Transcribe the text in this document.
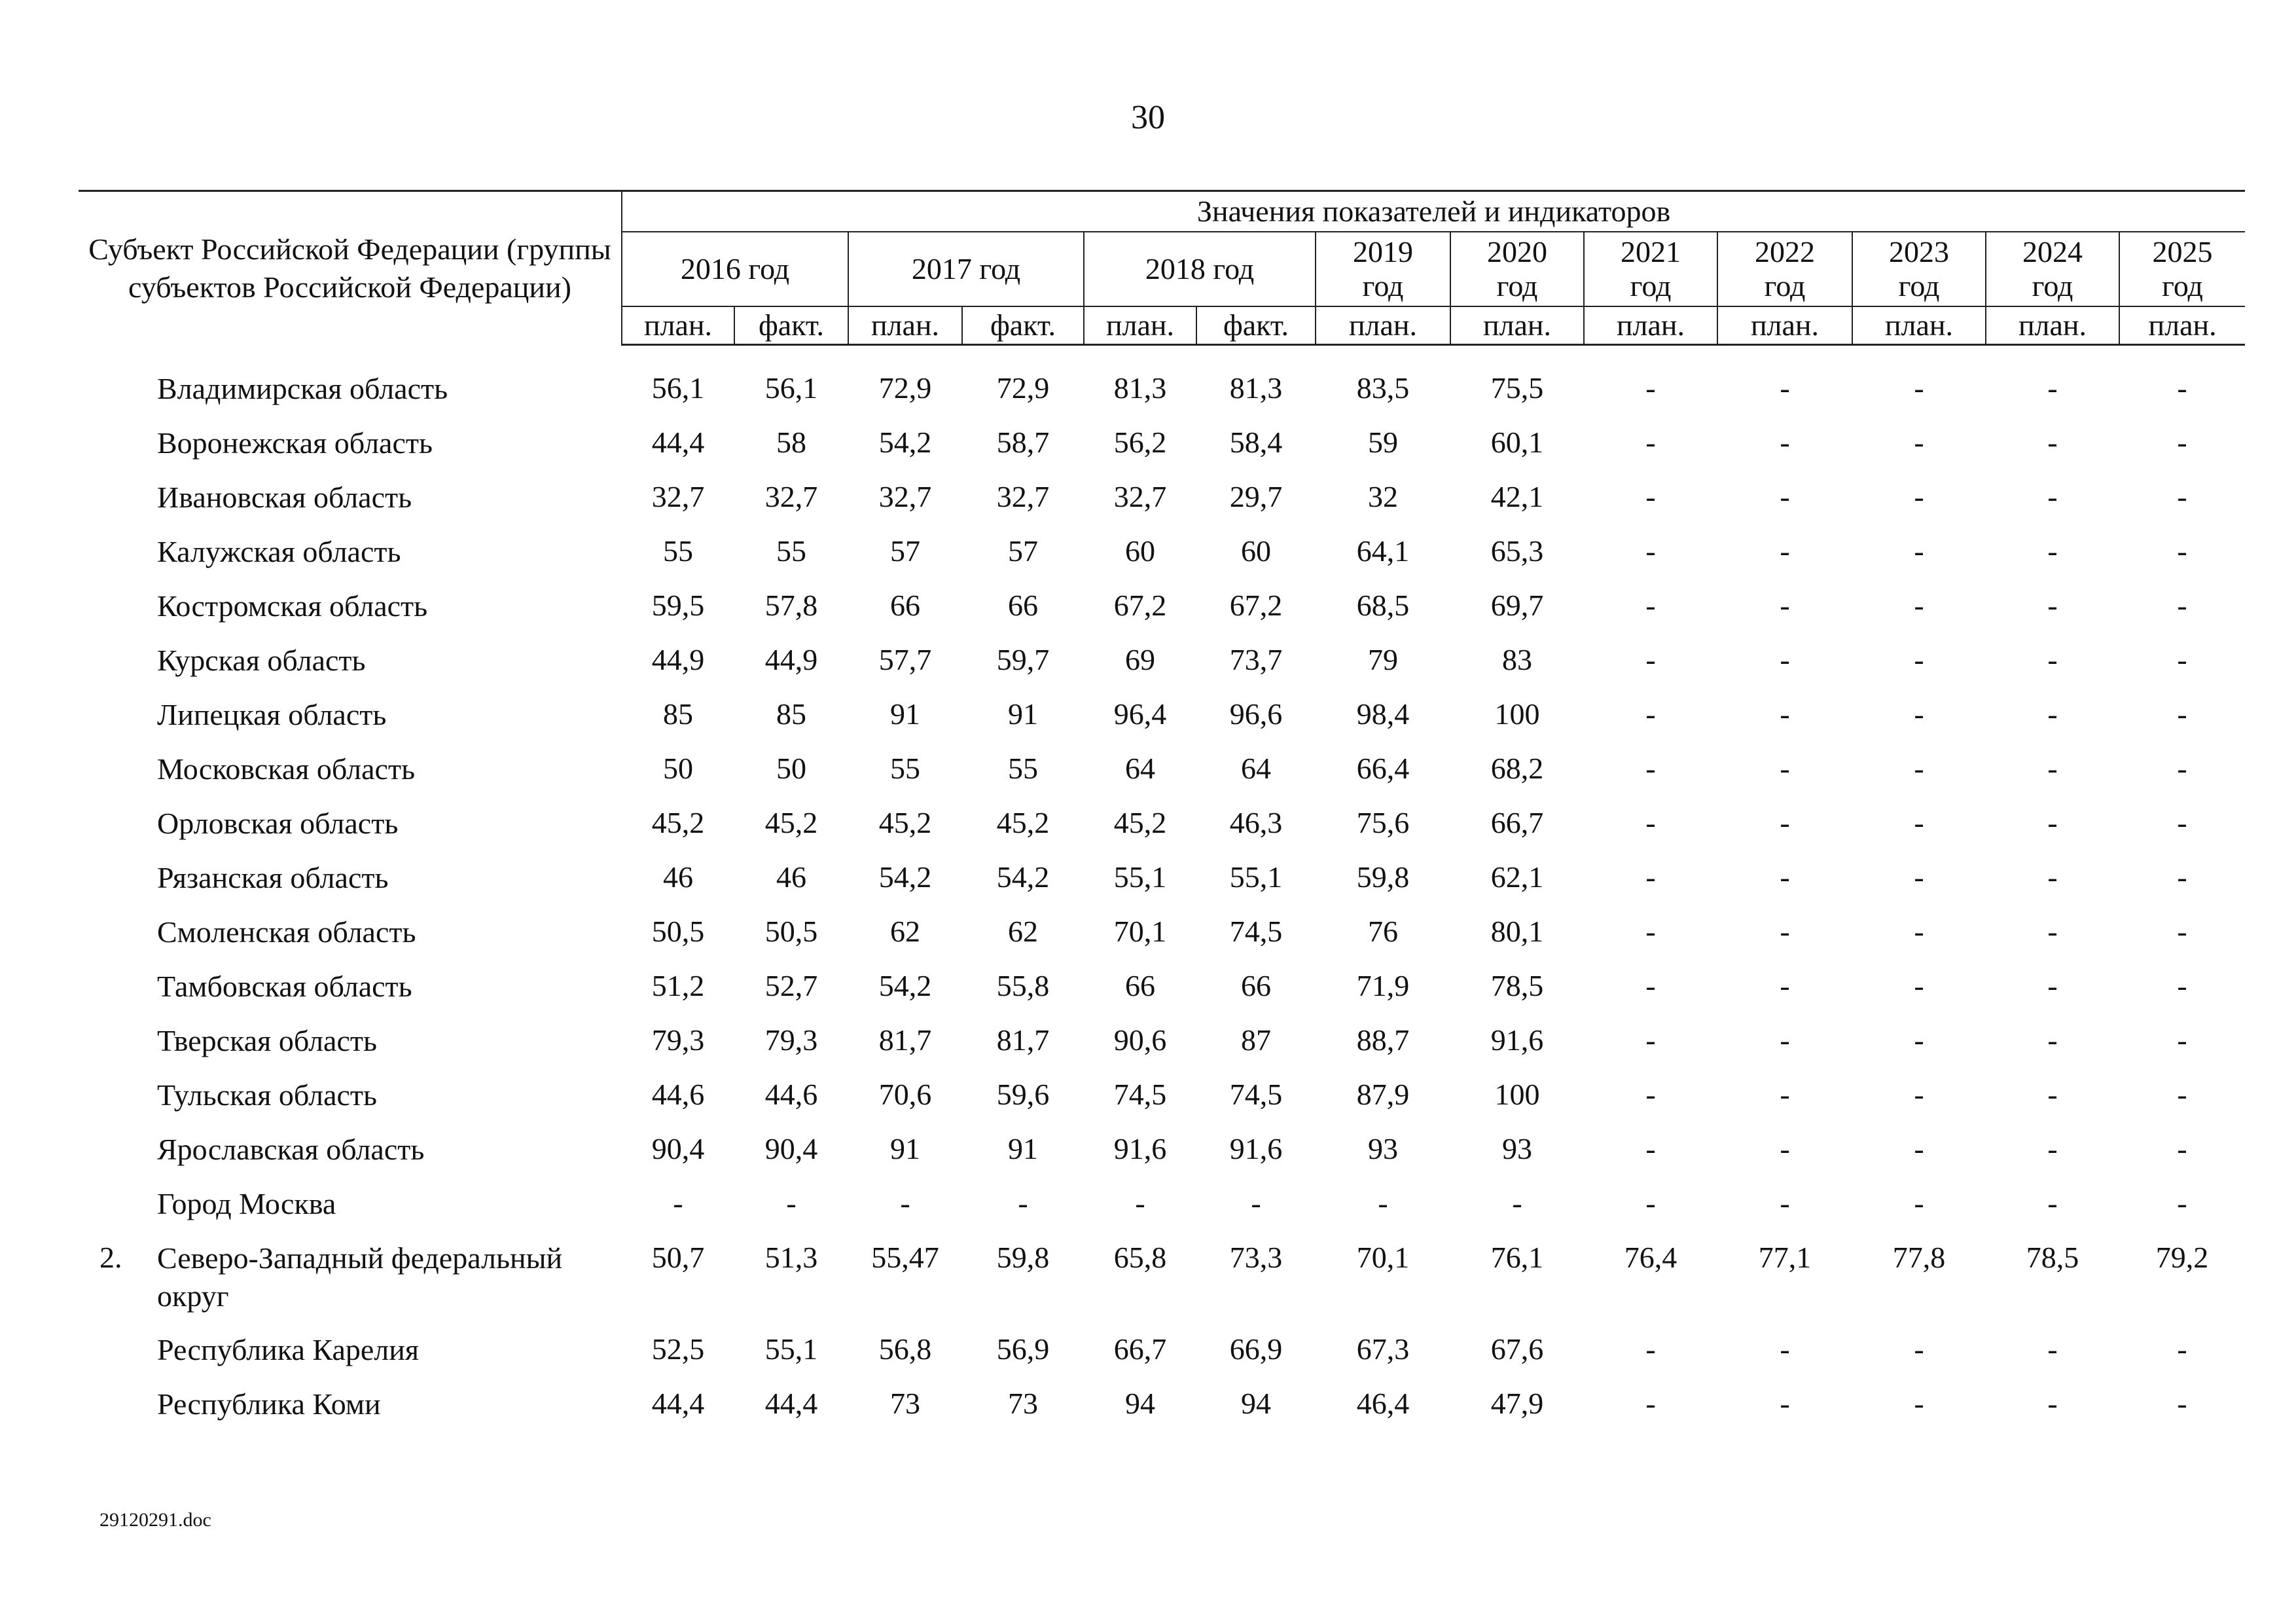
30
Субъект Российской Федерации (группы субъектов Российской Федерации)	Значения показателей и индикаторов												
	2016 год		2017 год		2018 год		2019 год	2020 год	2021 год	2022 год	2023 год	2024 год	2025 год
	план.	факт.	план.	факт.	план.	факт.	план.	план.	план.	план.	план.	план.	план.

Владимирская область	56,1	56,1	72,9	72,9	81,3	81,3	83,5	75,5	-	-	-	-	-

Воронежская область	44,4	58	54,2	58,7	56,2	58,4	59	60,1	-	-	-	-	-

Ивановская область	32,7	32,7	32,7	32,7	32,7	29,7	32	42,1	-	-	-	-	-

Калужская область	55	55	57	57	60	60	64,1	65,3	-	-	-	-	-

Костромская область	59,5	57,8	66	66	67,2	67,2	68,5	69,7	-	-	-	-	-

Курская область	44,9	44,9	57,7	59,7	69	73,7	79	83	-	-	-	-	-

Липецкая область	85	85	91	91	96,4	96,6	98,4	100	-	-	-	-	-

Московская область	50	50	55	55	64	64	66,4	68,2	-	-	-	-	-

Орловская область	45,2	45,2	45,2	45,2	45,2	46,3	75,6	66,7	-	-	-	-	-

Рязанская область	46	46	54,2	54,2	55,1	55,1	59,8	62,1	-	-	-	-	-

Смоленская область	50,5	50,5	62	62	70,1	74,5	76	80,1	-	-	-	-	-

Тамбовская область	51,2	52,7	54,2	55,8	66	66	71,9	78,5	-	-	-	-	-

Тверская область	79,3	79,3	81,7	81,7	90,6	87	88,7	91,6	-	-	-	-	-

Тульская область	44,6	44,6	70,6	59,6	74,5	74,5	87,9	100	-	-	-	-	-

Ярославская область	90,4	90,4	91	91	91,6	91,6	93	93	-	-	-	-	-

Город Москва	-	-	-	-	-	-	-	-	-	-	-	-	-

2. Северо-Западный федеральный округ	50,7	51,3	55,47	59,8	65,8	73,3	70,1	76,1	76,4	77,1	77,8	78,5	79,2

Республика Карелия	52,5	55,1	56,8	56,9	66,7	66,9	67,3	67,6	-	-	-	-	-

Республика Коми	44,4	44,4	73	73	94	94	46,4	47,9	-	-	-	-	-
29120291.doc
